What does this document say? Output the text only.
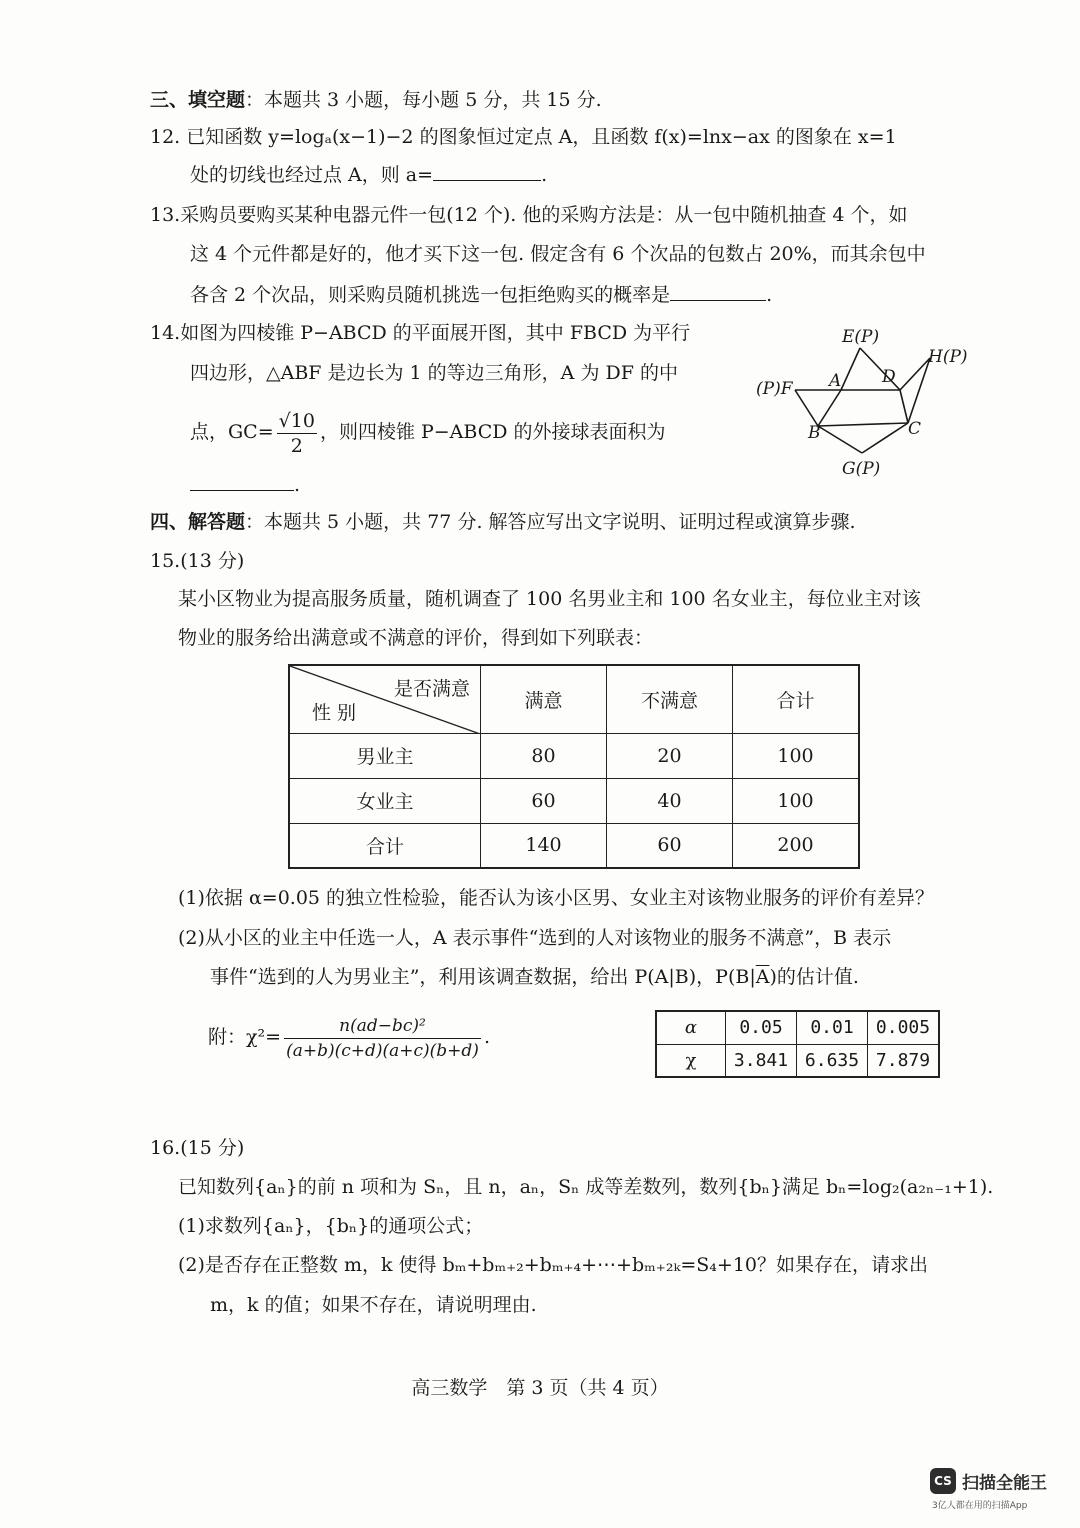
三、填空题：本题共 3 小题，每小题 5 分，共 15 分.
12. 已知函数 y=logₐ(x−1)−2 的图象恒过定点 A，且函数 f(x)=lnx−ax 的图象在 x=1
处的切线也经过点 A，则 a=	.
13.采购员要购买某种电器元件一包(12 个). 他的采购方法是：从一包中随机抽查 4 个，如
这 4 个元件都是好的，他才买下这一包. 假定含有 6 个次品的包数占 20%，而其余包中
各含 2 个次品，则采购员随机挑选一包拒绝购买的概率是	.
14.如图为四棱锥 P−ABCD 的平面展开图，其中 FBCD 为平行
四边形，△ABF 是边长为 1 的等边三角形，A 为 DF 的中
点，$GC= \frac{√10}{2}$ ，则四棱锥 P−ABCD 的外接球表面积为
.
E(P)
H(P)
(P)F A D
B	C
G(P)
四、解答题：本题共 5 小题，共 77 分. 解答应写出文字说明、证明过程或演算步骤.
15.(13 分)
某小区物业为提高服务质量，随机调查了 100 名男业主和 100 名女业主，每位业主对该
物业的服务给出满意或不满意的评价，得到如下列联表：
是否满意
性 别	满意	不满意	合计
男业主	80	20	100
女业主	60	40	100
合计	140	60	200
(1)依据 α=0.05 的独立性检验，能否认为该小区男、女业主对该物业服务的评价有差异？
(2)从小区的业主中任选一人，A 表示事件“选到的人对该物业的服务不满意”，B 表示
事件“选到的人为男业主”，利用该调查数据，给出 P(A|B)，$P(B|\overline{A})$的估计值.
附：$\chi^2= \frac{\text{n(ad−bc)²}}{(a+b)(c+d)(a+c)(b+d)}$ .	α	0.05	0.01	0.005
χ	3.841	6.635	7.879
16.(15 分)
已知数列{aₙ}的前 n 项和为 Sₙ，且 n，aₙ，Sₙ 成等差数列，数列{bₙ}满足 bₙ=log₂(a₂ₙ₋₁+1).
(1)求数列{aₙ}，{bₙ}的通项公式；
(2)是否存在正整数 m，k 使得 bₘ+bₘ₊₂+bₘ₊₄+⋯+bₘ₊₂ₖ=S₄+10？如果存在，请求出
m，k 的值；如果不存在，请说明理由.
高三数学　第 3 页（共 4 页）
CS 扫描全能王
3亿人都在用的扫描App
